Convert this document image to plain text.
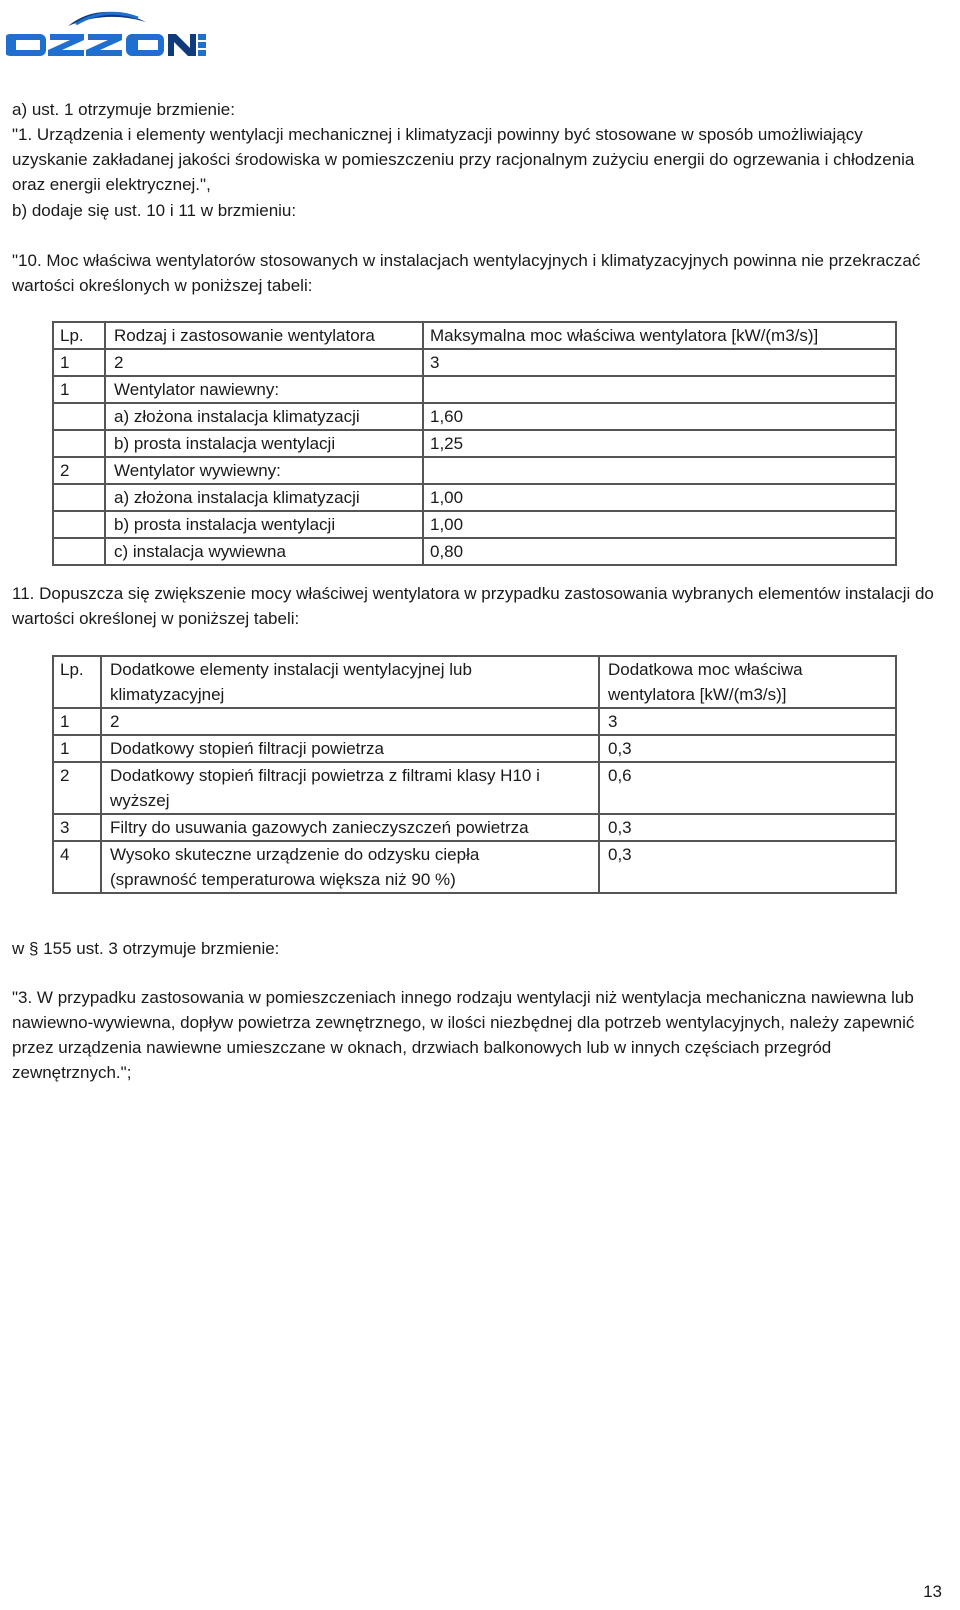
a) ust. 1 otrzymuje brzmienie:

"1. Urządzenia i elementy wentylacji mechanicznej i klimatyzacji powinny być stosowane w sposób umożliwiający uzyskanie zakładanej jakości środowiska w pomieszczeniu przy racjonalnym zużyciu energii do ogrzewania i chłodzenia oraz energii elektrycznej.",

b) dodaje się ust. 10 i 11 w brzmieniu:

"10. Moc właściwa wentylatorów stosowanych w instalacjach wentylacyjnych i klimatyzacyjnych powinna nie przekraczać wartości określonych w poniższej tabeli:

Lp.	Rodzaj i zastosowanie wentylatora	Maksymalna moc właściwa wentylatora [kW/(m3/s)]
1	2	3
1	Wentylator nawiewny:	
	a) złożona instalacja klimatyzacji	1,60
	b) prosta instalacja wentylacji	1,25
2	Wentylator wywiewny:	
	a) złożona instalacja klimatyzacji	1,00
	b) prosta instalacja wentylacji	1,00
	c) instalacja wywiewna	0,80

11. Dopuszcza się zwiększenie mocy właściwej wentylatora w przypadku zastosowania wybranych elementów instalacji do wartości określonej w poniższej tabeli:

Lp.	Dodatkowe elementy instalacji wentylacyjnej lub klimatyzacyjnej	Dodatkowa moc właściwa wentylatora [kW/(m3/s)]
1	2	3
1	Dodatkowy stopień filtracji powietrza	0,3
2	Dodatkowy stopień filtracji powietrza z filtrami klasy H10 i wyższej	0,6
3	Filtry do usuwania gazowych zanieczyszczeń powietrza	0,3
4	Wysoko skuteczne urządzenie do odzysku ciepła (sprawność temperaturowa większa niż 90 %)	0,3

w § 155 ust. 3 otrzymuje brzmienie:

"3. W przypadku zastosowania w pomieszczeniach innego rodzaju wentylacji niż wentylacja mechaniczna nawiewna lub nawiewno-wywiewna, dopływ powietrza zewnętrznego, w ilości niezbędnej dla potrzeb wentylacyjnych, należy zapewnić przez urządzenia nawiewne umieszczane w oknach, drzwiach balkonowych lub w innych częściach przegród zewnętrznych.";

13
